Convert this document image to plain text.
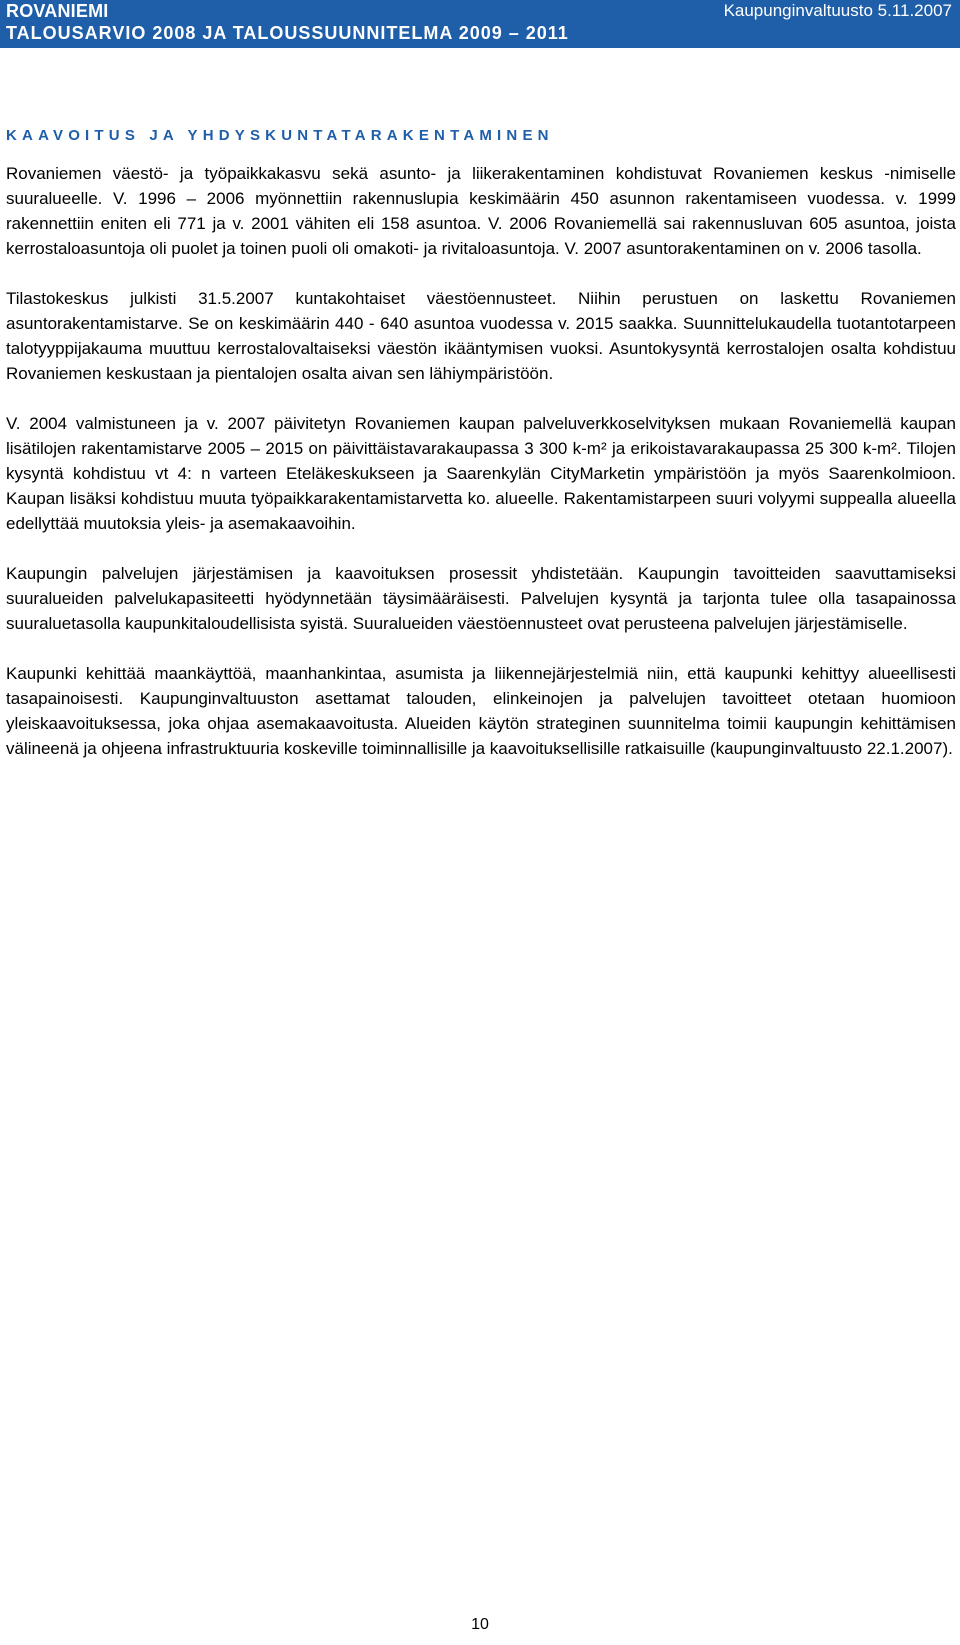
ROVANIEMI
TALOUSARVIO 2008 JA TALOUSSUUNNITELMA 2009 – 2011
Kaupunginvaltuusto 5.11.2007
KAAVOITUS JA YHDYSKUNTATARAKENTAMINEN

Rovaniemen väestö- ja työpaikkakasvu sekä asunto- ja liikerakentaminen kohdistuvat Rovaniemen keskus -nimiselle suuralueelle. V. 1996 – 2006 myönnettiin rakennuslupia keskimäärin 450 asunnon rakentamiseen vuodessa. v. 1999 rakennettiin eniten eli 771 ja v. 2001 vähiten eli 158 asuntoa. V. 2006 Rovaniemellä sai rakennusluvan 605 asuntoa, joista kerrostaloasuntoja oli puolet ja toinen puoli oli omakoti- ja rivitaloasuntoja. V. 2007 asuntorakentaminen on v. 2006 tasolla.

Tilastokeskus julkisti 31.5.2007 kuntakohtaiset väestöennusteet. Niihin perustuen on laskettu Rovaniemen asuntorakentamistarve. Se on keskimäärin 440 - 640 asuntoa vuodessa v. 2015 saakka. Suunnittelukaudella tuotantotarpeen talotyyppijakauma muuttuu kerrostalovaltaiseksi väestön ikääntymisen vuoksi. Asuntokysyntä kerrostalojen osalta kohdistuu Rovaniemen keskustaan ja pientalojen osalta aivan sen lähiympäristöön.

V. 2004 valmistuneen ja v. 2007 päivitetyn Rovaniemen kaupan palveluverkkoselvityksen mukaan Rovaniemellä kaupan lisätilojen rakentamistarve 2005 – 2015 on päivittäistavarakaupassa 3 300 k-m² ja erikoistavarakaupassa 25 300 k-m². Tilojen kysyntä kohdistuu vt 4: n varteen Eteläkeskukseen ja Saarenkylän CityMarketin ympäristöön ja myös Saarenkolmioon. Kaupan lisäksi kohdistuu muuta työpaikkarakentamistarvetta ko. alueelle. Rakentamistarpeen suuri volyymi suppealla alueella edellyttää muutoksia yleis- ja asemakaavoihin.

Kaupungin palvelujen järjestämisen ja kaavoituksen prosessit yhdistetään. Kaupungin tavoitteiden saavuttamiseksi suuralueiden palvelukapasiteetti hyödynnetään täysimääräisesti. Palvelujen kysyntä ja tarjonta tulee olla tasapainossa suuraluetasolla kaupunkitaloudellisista syistä. Suuralueiden väestöennusteet ovat perusteena palvelujen järjestämiselle.

Kaupunki kehittää maankäyttöä, maanhankintaa, asumista ja liikennejärjestelmiä niin, että kaupunki kehittyy alueellisesti tasapainoisesti. Kaupunginvaltuuston asettamat talouden, elinkeinojen ja palvelujen tavoitteet otetaan huomioon yleiskaavoituksessa, joka ohjaa asemakaavoitusta. Alueiden käytön strateginen suunnitelma toimii kaupungin kehittämisen välineenä ja ohjeena infrastruktuuria koskeville toiminnallisille ja kaavoituksellisille ratkaisuille (kaupunginvaltuusto 22.1.2007).

10
